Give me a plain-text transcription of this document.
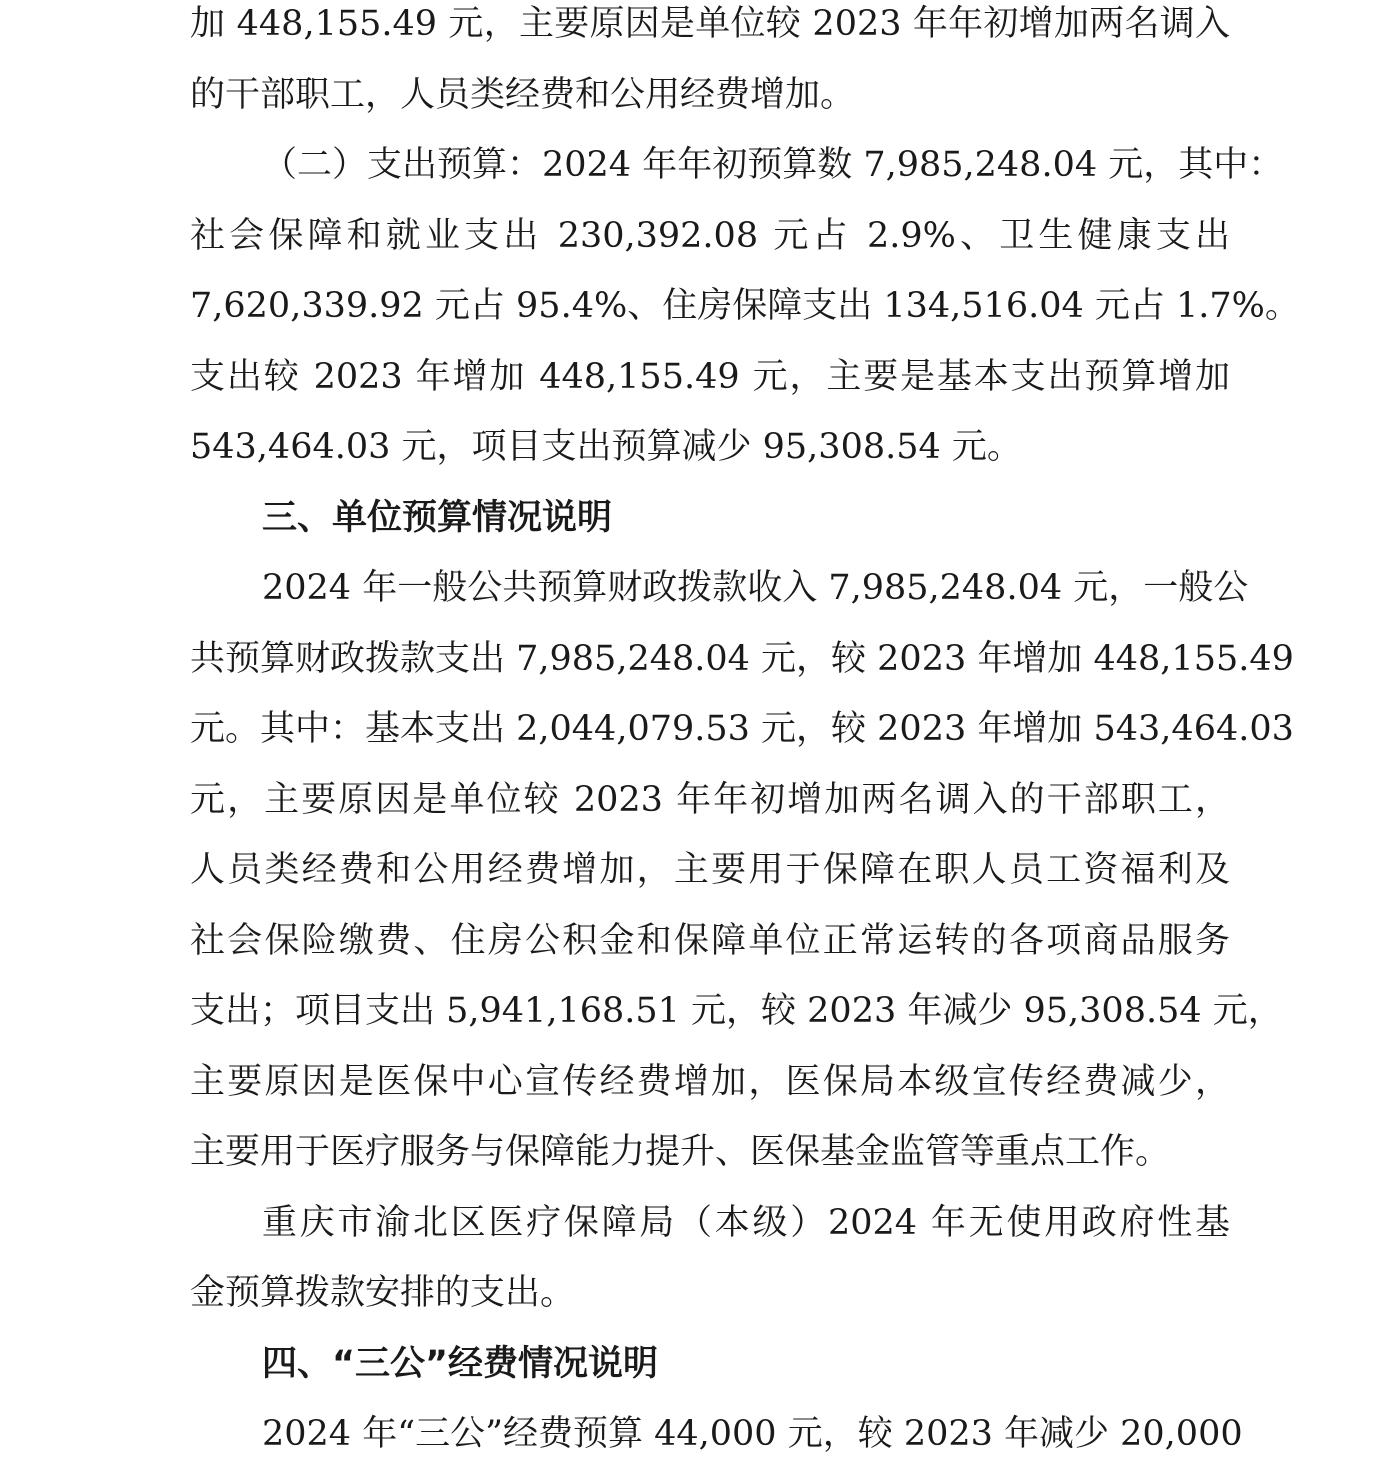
加 448,155.49 元，主要原因是单位较 2023 年年初增加两名调入
的干部职工，人员类经费和公用经费增加。
（二）支出预算：2024 年年初预算数 7,985,248.04 元，其中：
社会保障和就业支出 230,392.08 元占 2.9%、卫生健康支出
7,620,339.92 元占 95.4%、住房保障支出 134,516.04 元占 1.7%。
支出较 2023 年增加 448,155.49 元，主要是基本支出预算增加
543,464.03 元，项目支出预算减少 95,308.54 元。
三、单位预算情况说明
2024 年一般公共预算财政拨款收入 7,985,248.04 元，一般公
共预算财政拨款支出 7,985,248.04 元，较 2023 年增加 448,155.49
元。其中：基本支出 2,044,079.53 元，较 2023 年增加 543,464.03
元，主要原因是单位较 2023 年年初增加两名调入的干部职工，
人员类经费和公用经费增加，主要用于保障在职人员工资福利及
社会保险缴费、住房公积金和保障单位正常运转的各项商品服务
支出；项目支出 5,941,168.51 元，较 2023 年减少 95,308.54 元，
主要原因是医保中心宣传经费增加，医保局本级宣传经费减少，
主要用于医疗服务与保障能力提升、医保基金监管等重点工作。
重庆市渝北区医疗保障局（本级）2024 年无使用政府性基
金预算拨款安排的支出。
四、“三公”经费情况说明
2024 年“三公”经费预算 44,000 元，较 2023 年减少 20,000
